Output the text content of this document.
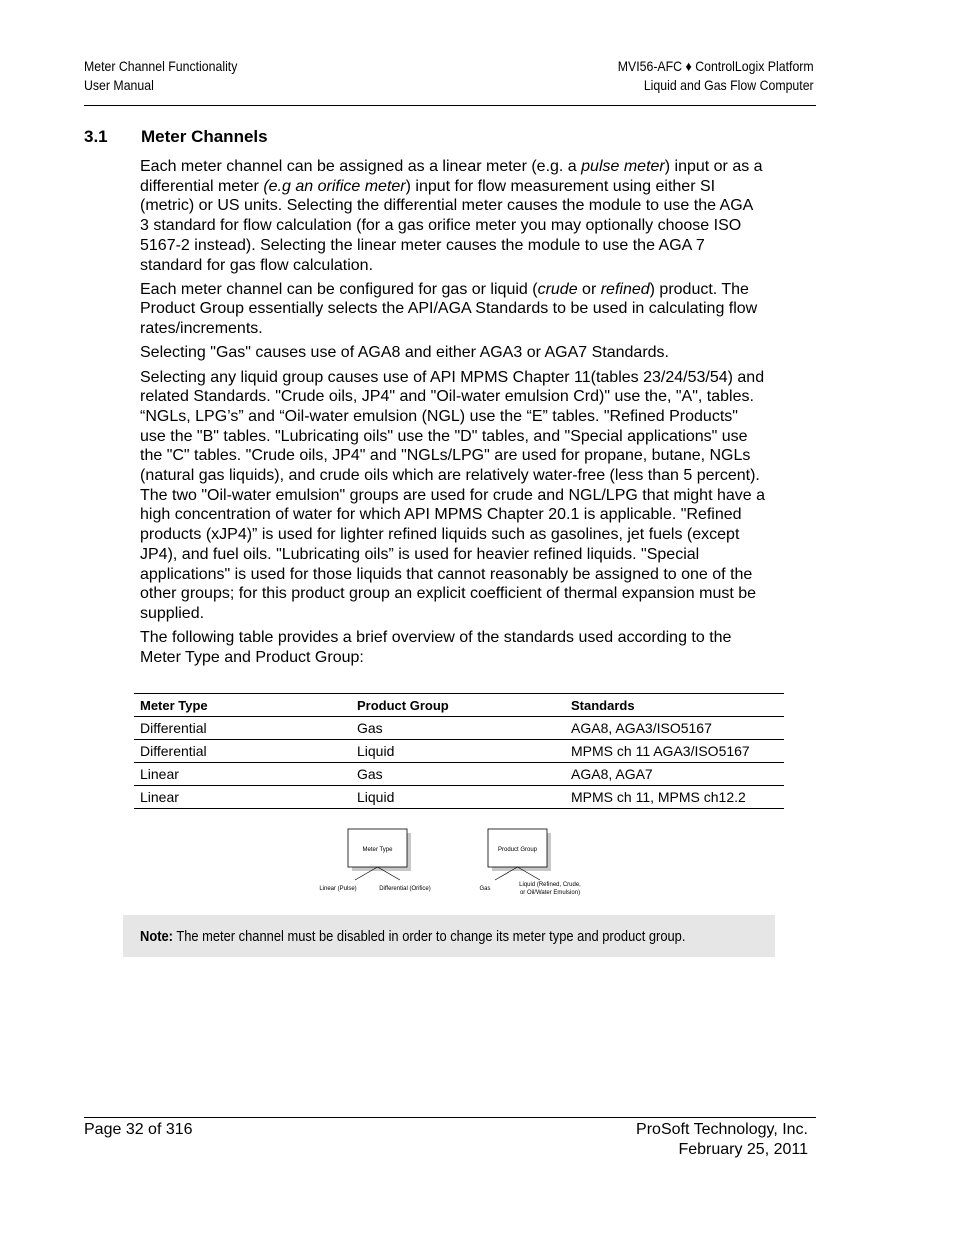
Meter Channel Functionality
User Manual
MVI56-AFC ♦ ControlLogix Platform
Liquid and Gas Flow Computer
3.1 Meter Channels

Each meter channel can be assigned as a linear meter (e.g. a pulse meter) input or as a differential meter (e.g an orifice meter) input for flow measurement using either SI (metric) or US units. Selecting the differential meter causes the module to use the AGA 3 standard for flow calculation (for a gas orifice meter you may optionally choose ISO 5167-2 instead). Selecting the linear meter causes the module to use the AGA 7 standard for gas flow calculation.

Each meter channel can be configured for gas or liquid (crude or refined) product. The Product Group essentially selects the API/AGA Standards to be used in calculating flow rates/increments.

Selecting "Gas" causes use of AGA8 and either AGA3 or AGA7 Standards.

Selecting any liquid group causes use of API MPMS Chapter 11(tables 23/24/53/54) and related Standards. "Crude oils, JP4" and "Oil-water emulsion Crd)" use the, "A", tables. “NGLs, LPG’s” and “Oil-water emulsion (NGL) use the “E” tables. "Refined Products" use the "B" tables. "Lubricating oils" use the "D" tables, and "Special applications" use the "C" tables. "Crude oils, JP4" and "NGLs/LPG" are used for propane, butane, NGLs (natural gas liquids), and crude oils which are relatively water-free (less than 5 percent). The two "Oil-water emulsion" groups are used for crude and NGL/LPG that might have a high concentration of water for which API MPMS Chapter 20.1 is applicable. "Refined products (xJP4)” is used for lighter refined liquids such as gasolines, jet fuels (except JP4), and fuel oils. "Lubricating oils” is used for heavier refined liquids. "Special applications" is used for those liquids that cannot reasonably be assigned to one of the other groups; for this product group an explicit coefficient of thermal expansion must be supplied.

The following table provides a brief overview of the standards used according to the Meter Type and Product Group:

Meter Type	Product Group	Standards
Differential	Gas	AGA8, AGA3/ISO5167
Differential	Liquid	MPMS ch 11 AGA3/ISO5167
Linear	Gas	AGA8, AGA7
Linear	Liquid	MPMS ch 11, MPMS ch12.2
Meter Type
Linear (Pulse)	Differential (Orifice)
Product Group
Gas
Liquid (Refined, Crude,
or Oil/Water Emulsion)
Note: The meter channel must be disabled in order to change its meter type and product group.
Page 32 of 316	ProSoft Technology, Inc.
February 25, 2011
